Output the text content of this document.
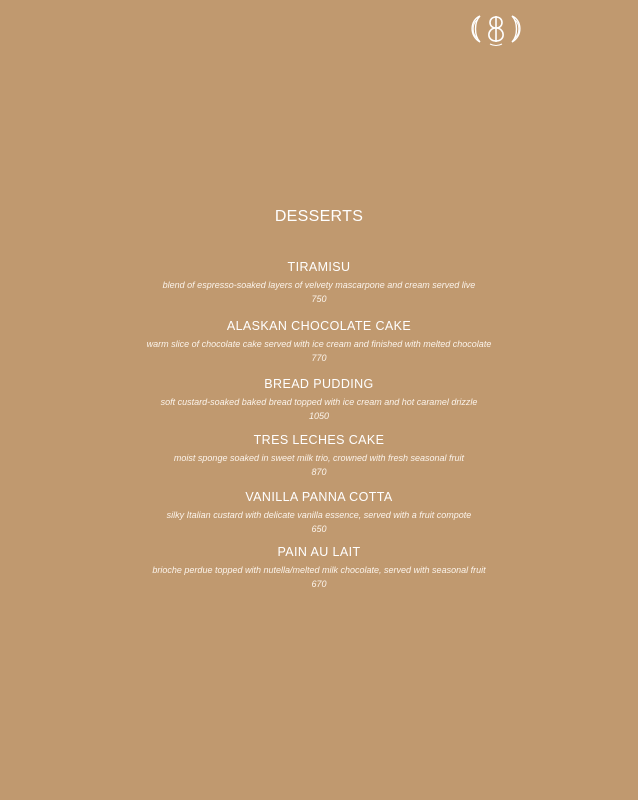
DESSERTS
TIRAMISU
blend of espresso-soaked layers of velvety mascarpone and cream served live
750
ALASKAN CHOCOLATE CAKE
warm slice of chocolate cake served with ice cream and finished with melted chocolate
770
BREAD PUDDING
soft custard-soaked baked bread topped with ice cream and hot caramel drizzle
1050
TRES LECHES CAKE
moist sponge soaked in sweet milk trio, crowned with fresh seasonal fruit
870
VANILLA PANNA COTTA
silky Italian custard with delicate vanilla essence, served with a fruit compote
650
PAIN AU LAIT
brioche perdue topped with nutella/melted milk chocolate, served with seasonal fruit
670
